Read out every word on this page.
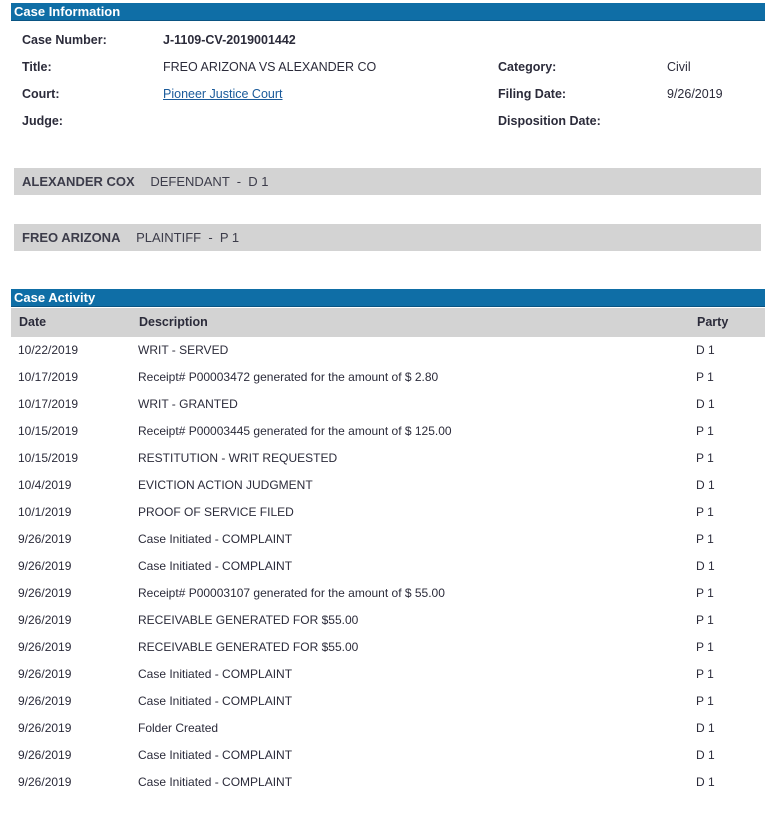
Case Information
Case Number:	J-1109-CV-2019001442
Title:	FREO ARIZONA VS ALEXANDER CO
Court:	Pioneer Justice Court
Judge:
Category:	Civil
Filing Date:	9/26/2019
Disposition Date:
ALEXANDER COX DEFENDANT  -  D 1
FREO ARIZONA PLAINTIFF  -  P 1
Case Activity
Date	Description	Party
10/22/2019	WRIT - SERVED	D 1
10/17/2019	Receipt# P00003472 generated for the amount of $ 2.80	P 1
10/17/2019	WRIT - GRANTED	D 1
10/15/2019	Receipt# P00003445 generated for the amount of $ 125.00	P 1
10/15/2019	RESTITUTION - WRIT REQUESTED	P 1
10/4/2019	EVICTION ACTION JUDGMENT	D 1
10/1/2019	PROOF OF SERVICE FILED	P 1
9/26/2019	Case Initiated - COMPLAINT	P 1
9/26/2019	Case Initiated - COMPLAINT	D 1
9/26/2019	Receipt# P00003107 generated for the amount of $ 55.00	P 1
9/26/2019	RECEIVABLE GENERATED FOR $55.00	P 1
9/26/2019	RECEIVABLE GENERATED FOR $55.00	P 1
9/26/2019	Case Initiated - COMPLAINT	P 1
9/26/2019	Case Initiated - COMPLAINT	P 1
9/26/2019	Folder Created	D 1
9/26/2019	Case Initiated - COMPLAINT	D 1
9/26/2019	Case Initiated - COMPLAINT	D 1
